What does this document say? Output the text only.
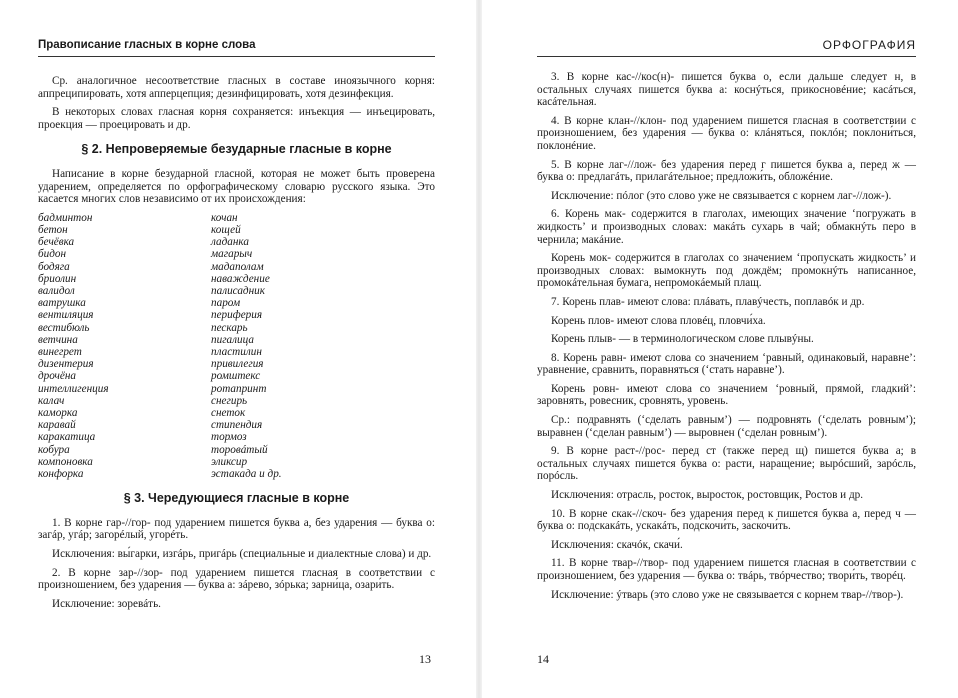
Правописание гласных в корне слова

Ср. аналогичное несоответствие гласных в составе иноязычного корня: аппреципировать, хотя апперцепция; дезинфицировать, хотя дезинфекция.

В некоторых словах гласная корня сохраняется: инъекция — инъецировать, проекция — проецировать и др.

§ 2. Непроверяемые безударные гласные в корне

Написание в корне безударной гласной, которая не может быть проверена ударением, определяется по орфографическому словарю русского языка. Это касается многих слов независимо от их происхождения:

бадминтон
бетон
бечёвка
бидон
бодяга
бриолин
валидол
ватрушка
вентиляция
вестибюль
ветчина
винегрет
дизентерия
дрочёна
интеллигенция
калач
каморка
каравай
каракатица
кобура
компоновка
конфорка
кочан
кощей
ладанка
магарыч
мадаполам
наваждение
палисадник
паром
периферия
пескарь
пигалица
пластилин
привилегия
ромштекс
ротапринт
снегирь
снеток
стипендия
тормоз
торовáтый
эликсир
эстакада и др.
§ 3. Чередующиеся гласные в корне

1. В корне гар-//гор- под ударением пишется буква а, без ударения — буква о: загáр, угáр; загорéлый, угорéть.

Исключения: вы́гарки, изгáрь, пригáрь (специальные и диалектные слова) и др.

2. В корне зар-//зор- под ударением пишется гласная в соответствии с произношением, без ударения — буква а: зáрево, зóрька; зарни́ца, озари́ть.

Исключение: зоревáть.

13
ОРФОГРАФИЯ

3. В корне кас-//кос(н)- пишется буква о, если дальше следует н, в остальных случаях пишется буква а: коснýться, прикосновéние; касáться, касáтельная.

4. В корне клан-//клон- под ударением пишется гласная в соответствии с произношением, без ударения — буква о: клáняться, поклóн; поклони́ться, поклонéние.

5. В корне лаг-//лож- без ударения перед г пишется буква а, перед ж — буква о: предлагáть, прилагáтельное; предложи́ть, обложéние.

Исключение: пóлог (это слово уже не связывается с корнем лаг-//лож-).

6. Корень мак- содержится в глаголах, имеющих значение ‘погружать в жидкость’ и производных словах: макáть сухарь в чай; обмакнýть перо в чернила; макáние.

Корень мок- содержится в глаголах со значением ‘пропускать жидкость’ и производных словах: вымокнуть под дождём; промокнýть написанное, промокáтельная бумага, непромокáемый плащ.

7. Корень плав- имеют слова: плáвать, плавýчесть, поплавóк и др.

Корень плов- имеют слова пловéц, пловчи́ха.

Корень плыв- — в терминологическом слове плывýны.

8. Корень равн- имеют слова со значением ‘равный, одинаковый, наравне’: уравнение, сравнить, поравняться (‘стать наравне’).

Корень ровн- имеют слова со значением ‘ровный, прямой, гладкий’: заровнять, ровесник, сровнять, уровень.

Ср.: подравнять (‘сделать равным’) — подровнять (‘сделать ровным’); выравнен (‘сделан равным’) — выровнен (‘сделан ровным’).

9. В корне раст-//рос- перед ст (также перед щ) пишется буква а; в остальных случаях пишется буква о: расти, наращение; вырóсший, зарóсль, порóсль.

Исключения: отрасль, росток, выросток, ростовщик, Ростов и др.

10. В корне скак-//скоч- без ударения перед к пишется буква а, перед ч — буква о: подскакáть, ускакáть, подскочи́ть, заскочи́ть.

Исключения: скачóк, скачи́.

11. В корне твар-//твор- под ударением пишется гласная в соответствии с произношением, без ударения — буква о: твáрь, твóрчество; твори́ть, творéц.

Исключение: ýтварь (это слово уже не связывается с корнем твар-//твор-).

14
